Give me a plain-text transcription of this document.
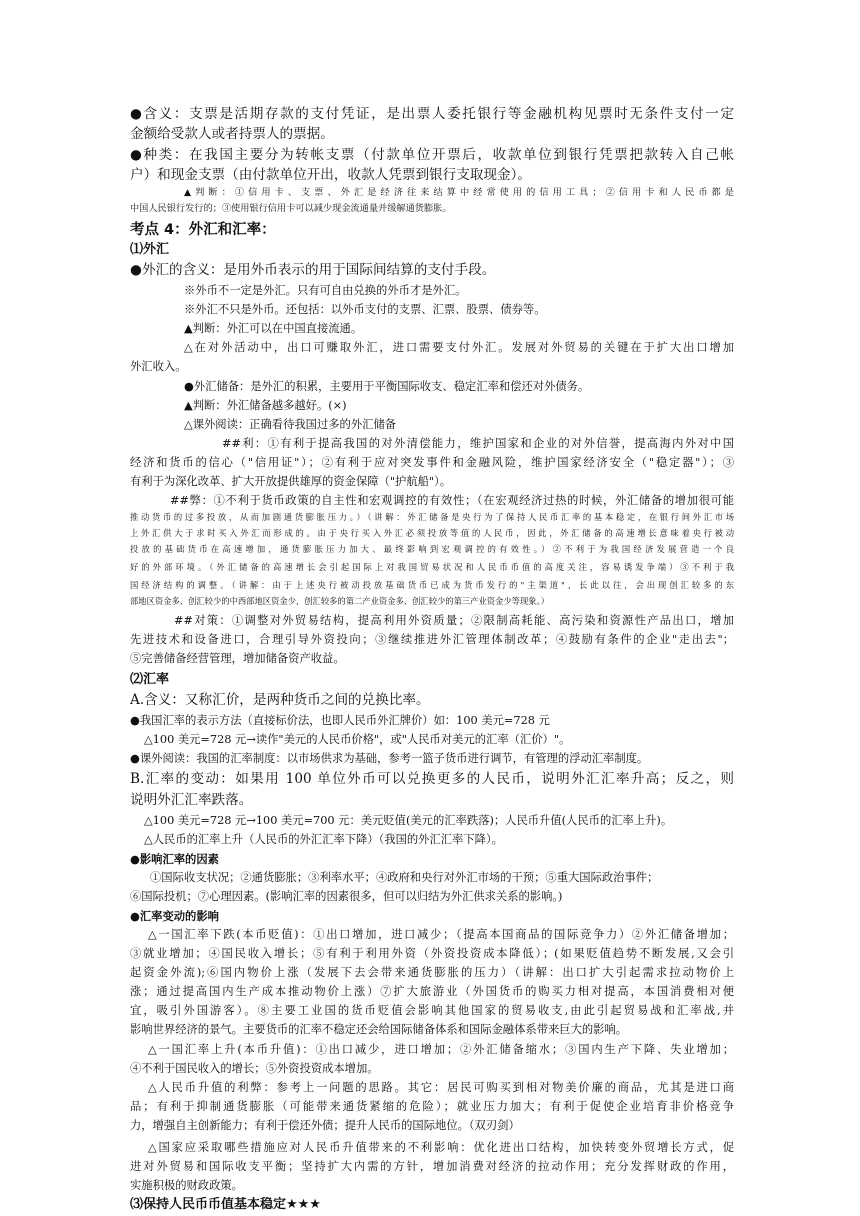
●含义：支票是活期存款的支付凭证，是出票人委托银行等金融机构见票时无条件支付一定
金额给受款人或者持票人的票据。
●种类：在我国主要分为转帐支票（付款单位开票后，收款单位到银行凭票把款转入自己帐
户）和现金支票（由付款单位开出，收款人凭票到银行支取现金）。
▲判断：①信用卡、支票、外汇是经济往来结算中经常使用的信用工具；②信用卡和人民币都是
中国人民银行发行的；③使用银行信用卡可以减少现金流通量并缓解通货膨胀。
考点 4：外汇和汇率：
⑴外汇
●外汇的含义：是用外币表示的用于国际间结算的支付手段。
※外币不一定是外汇。只有可自由兑换的外币才是外汇。
※外汇不只是外币。还包括：以外币支付的支票、汇票、股票、债券等。
▲判断：外汇可以在中国直接流通。
△在对外活动中，出口可赚取外汇，进口需要支付外汇。发展对外贸易的关键在于扩大出口增加
外汇收入。
●外汇储备：是外汇的积累，主要用于平衡国际收支、稳定汇率和偿还对外债务。
▲判断：外汇储备越多越好。(×)
△课外阅读：正确看待我国过多的外汇储备
##利：①有利于提高我国的对外清偿能力，维护国家和企业的对外信誉，提高海内外对中国
经济和货币的信心（"信用证"）；②有利于应对突发事件和金融风险，维护国家经济安全（"稳定器"）；③
有利于为深化改革、扩大开放提供雄厚的资金保障（"护航船"）。
##弊：①不利于货币政策的自主性和宏观调控的有效性；（在宏观经济过热的时候，外汇储备的增加很可能
推动货币的过多投放，从而加剧通货膨胀压力。）（讲解：外汇储备是央行为了保持人民币汇率的基本稳定，在银行间外汇市场
上外汇供大于求时买入外汇而形成的。由于央行买入外汇必须投放等值的人民币，因此，外汇储备的高速增长意味着央行被动
投放的基础货币在高速增加，通货膨胀压力加大、最终影响到宏观调控的有效性。）②不利于为我国经济发展营造一个良
好的外部环境。（外汇储备的高速增长会引起国际上对我国贸易状况和人民币币值的高度关注，容易诱发争端）③不利于我
国经济结构的调整。（讲解：由于上述央行被动投放基础货币已成为货币发行的"主渠道"，长此以往，会出现创汇较多的东
部地区资金多、创汇较少的中西部地区资金少，创汇较多的第二产业资金多、创汇较少的第三产业资金少等现象。）
##对策：①调整对外贸易结构，提高利用外资质量；②限制高耗能、高污染和资源性产品出口，增加
先进技术和设备进口，合理引导外资投向；③继续推进外汇管理体制改革；④鼓励有条件的企业"走出去"；
⑤完善储备经营管理，增加储备资产收益。
⑵汇率
A.含义：又称汇价，是两种货币之间的兑换比率。
●我国汇率的表示方法（直接标价法，也即人民币外汇牌价）如：100 美元=728 元
△100 美元=728 元→读作"美元的人民币价格"，或"人民币对美元的汇率（汇价）"。
●课外阅读：我国的汇率制度：以市场供求为基础，参考一篮子货币进行调节，有管理的浮动汇率制度。
B.汇率的变动：如果用 100 单位外币可以兑换更多的人民币，说明外汇汇率升高；反之，则
说明外汇汇率跌落。
△100 美元=728 元→100 美元=700 元：美元贬值(美元的汇率跌落)；人民币升值(人民币的汇率上升)。
△人民币的汇率上升（人民币的外汇汇率下降）（我国的外汇汇率下降）。
●影响汇率的因素
①国际收支状况；②通货膨胀；③利率水平；④政府和央行对外汇市场的干预；⑤重大国际政治事件；
⑥国际投机；⑦心理因素。(影响汇率的因素很多，但可以归结为外汇供求关系的影响。)
●汇率变动的影响
△一国汇率下跌(本币贬值)：①出口增加，进口减少；（提高本国商品的国际竞争力）②外汇储备增加；
③就业增加；④国民收入增长；⑤有利于利用外资（外资投资成本降低）；(如果贬值趋势不断发展,又会引
起资金外流);⑥国内物价上涨（发展下去会带来通货膨胀的压力）（讲解：出口扩大引起需求拉动物价上
涨；通过提高国内生产成本推动物价上涨）⑦扩大旅游业（外国货币的购买力相对提高，本国消费相对便
宜，吸引外国游客）。⑧主要工业国的货币贬值会影响其他国家的贸易收支,由此引起贸易战和汇率战,并
影响世界经济的景气。主要货币的汇率不稳定还会给国际储备体系和国际金融体系带来巨大的影响。
△一国汇率上升(本币升值)：①出口减少，进口增加；②外汇储备缩水；③国内生产下降、失业增加；
④不利于国民收入的增长；⑤外资投资成本增加。
△人民币升值的利弊：参考上一问题的思路。其它：居民可购买到相对物美价廉的商品，尤其是进口商
品；有利于抑制通货膨胀（可能带来通货紧缩的危险）；就业压力加大；有利于促使企业培育非价格竞争
力，增强自主创新能力；有利于偿还外债；提升人民币的国际地位。（双刃剑）
△国家应采取哪些措施应对人民币升值带来的不利影响：优化进出口结构，加快转变外贸增长方式，促
进对外贸易和国际收支平衡；坚持扩大内需的方针，增加消费对经济的拉动作用；充分发挥财政的作用，
实施积极的财政政策。
⑶保持人民币币值基本稳定★★★
